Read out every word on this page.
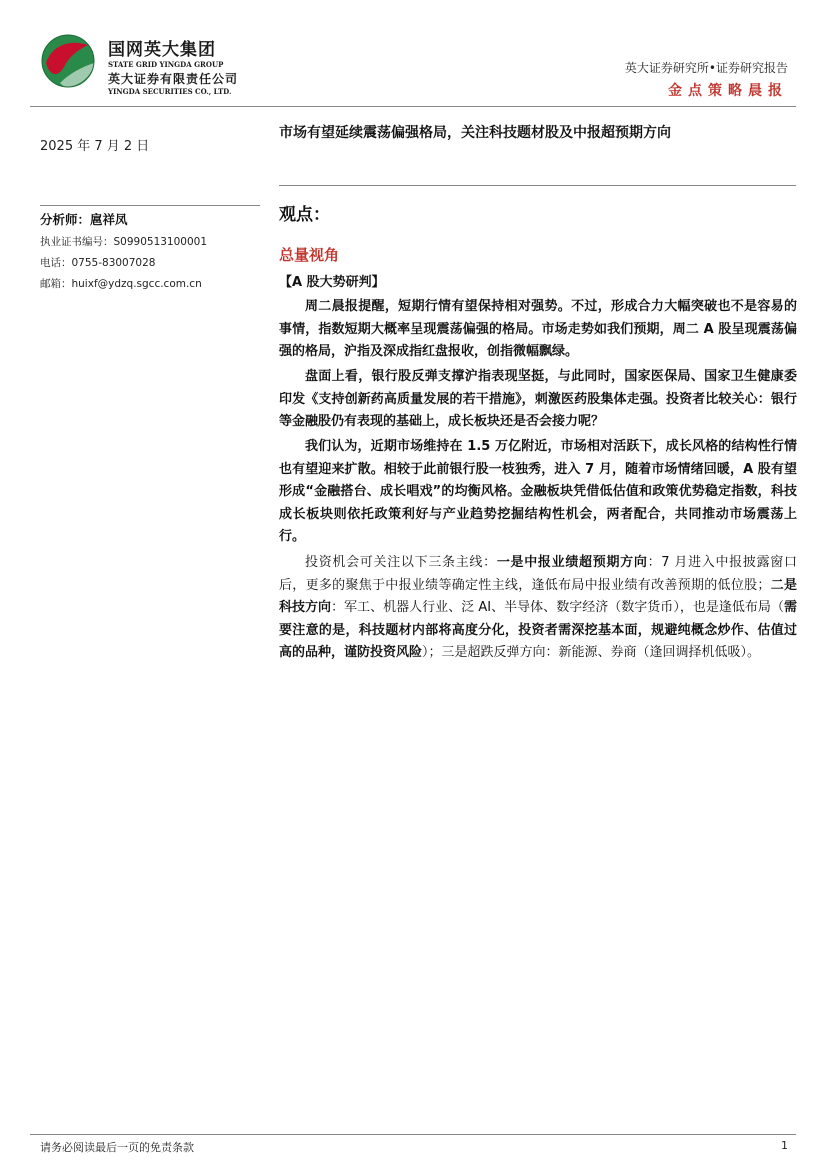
国网英大集团
STATE GRID YINGDA GROUP
英大证券有限责任公司
YINGDA SECURITIES CO., LTD.
英大证券研究所•证券研究报告
金点策略晨报
2025 年 7 月 2 日
分析师：扈祥凤
执业证书编号：S0990513100001
电话：0755-83007028
邮箱：huixf@ydzq.sgcc.com.cn
市场有望延续震荡偏强格局，关注科技题材股及中报超预期方向
观点：
总量视角
【A 股大势研判】
周二晨报提醒，短期行情有望保持相对强势。不过，形成合力大幅突破也不是容易的事情，指数短期大概率呈现震荡偏强的格局。市场走势如我们预期，周二 A 股呈现震荡偏强的格局，沪指及深成指红盘报收，创指微幅飘绿。
盘面上看，银行股反弹支撑沪指表现坚挺，与此同时，国家医保局、国家卫生健康委印发《支持创新药高质量发展的若干措施》，刺激医药股集体走强。投资者比较关心：银行等金融股仍有表现的基础上，成长板块还是否会接力呢？
我们认为，近期市场维持在 1.5 万亿附近，市场相对活跃下，成长风格的结构性行情也有望迎来扩散。相较于此前银行股一枝独秀，进入 7 月，随着市场情绪回暖，A 股有望形成“金融搭台、成长唱戏”的均衡风格。金融板块凭借低估值和政策优势稳定指数，科技成长板块则依托政策利好与产业趋势挖掘结构性机会，两者配合，共同推动市场震荡上行。
投资机会可关注以下三条主线：一是中报业绩超预期方向：7 月进入中报披露窗口后，更多的聚焦于中报业绩等确定性主线，逢低布局中报业绩有改善预期的低位股；二是科技方向：军工、机器人行业、泛 AI、半导体、数字经济（数字货币），也是逢低布局（需要注意的是，科技题材内部将高度分化，投资者需深挖基本面，规避纯概念炒作、估值过高的品种，谨防投资风险）；三是超跌反弹方向：新能源、券商（逢回调择机低吸）。
请务必阅读最后一页的免责条款	1
